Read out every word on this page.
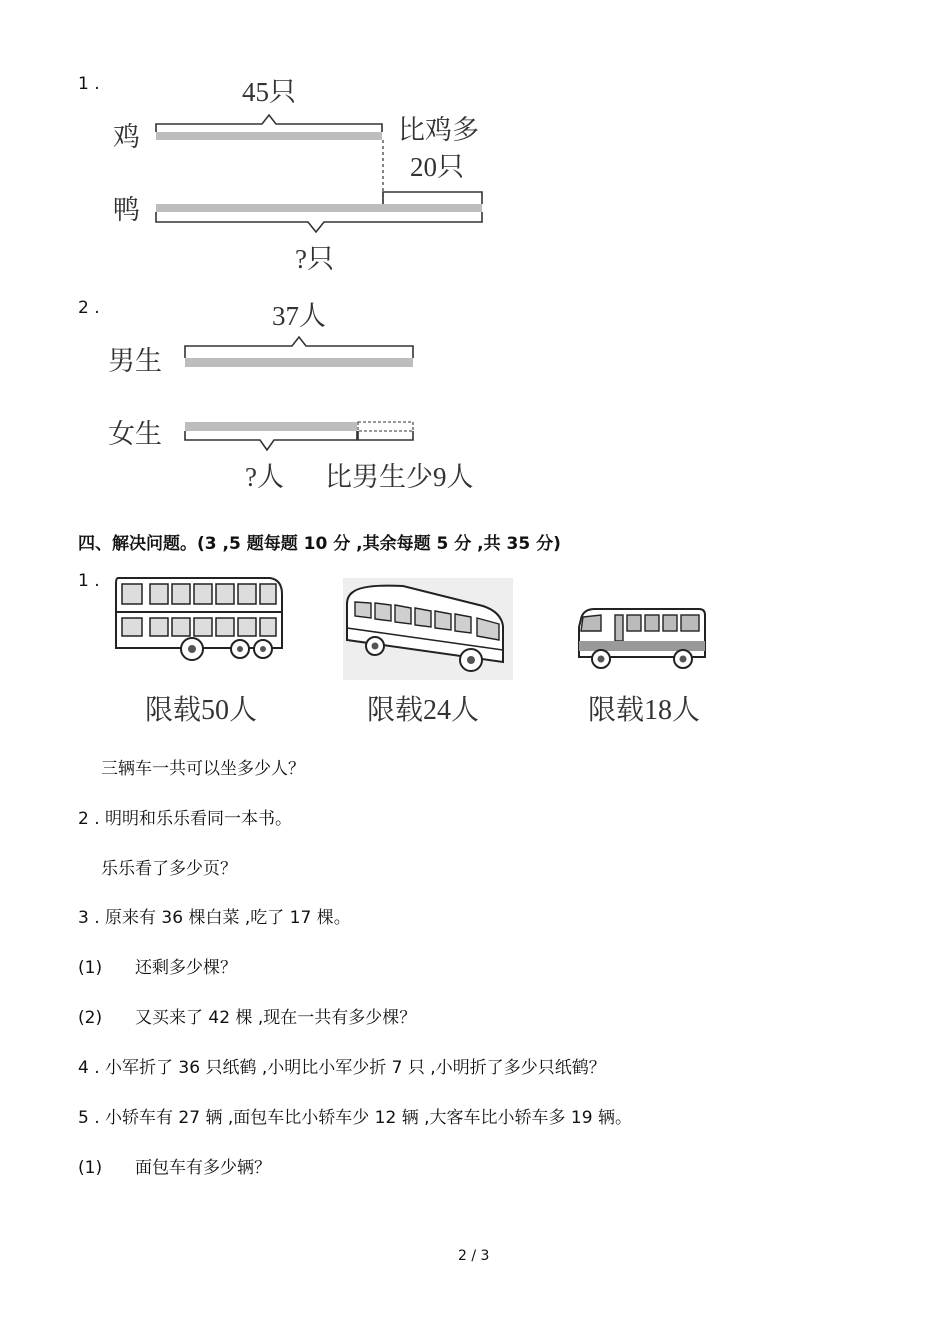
1 .
鸡
鸭
45只
比鸡多
20只
?只
2 .
男生
女生
37人
?人 比男生少9人
四、解决问题。(3 ,5 题每题 10 分 ,其余每题 5 分 ,共 35 分)
1 .
限载50人	限载24人	限载18人
三辆车一共可以坐多少人？
2 . 明明和乐乐看同一本书。
乐乐看了多少页？
3 . 原来有 36 棵白菜 ,吃了 17 棵。
(1) 还剩多少棵？
(2) 又买来了 42 棵 ,现在一共有多少棵？
4 . 小军折了 36 只纸鹤 ,小明比小军少折 7 只 ,小明折了多少只纸鹤？
5 . 小轿车有 27 辆 ,面包车比小轿车少 12 辆 ,大客车比小轿车多 19 辆。
(1) 面包车有多少辆？
2 / 3
